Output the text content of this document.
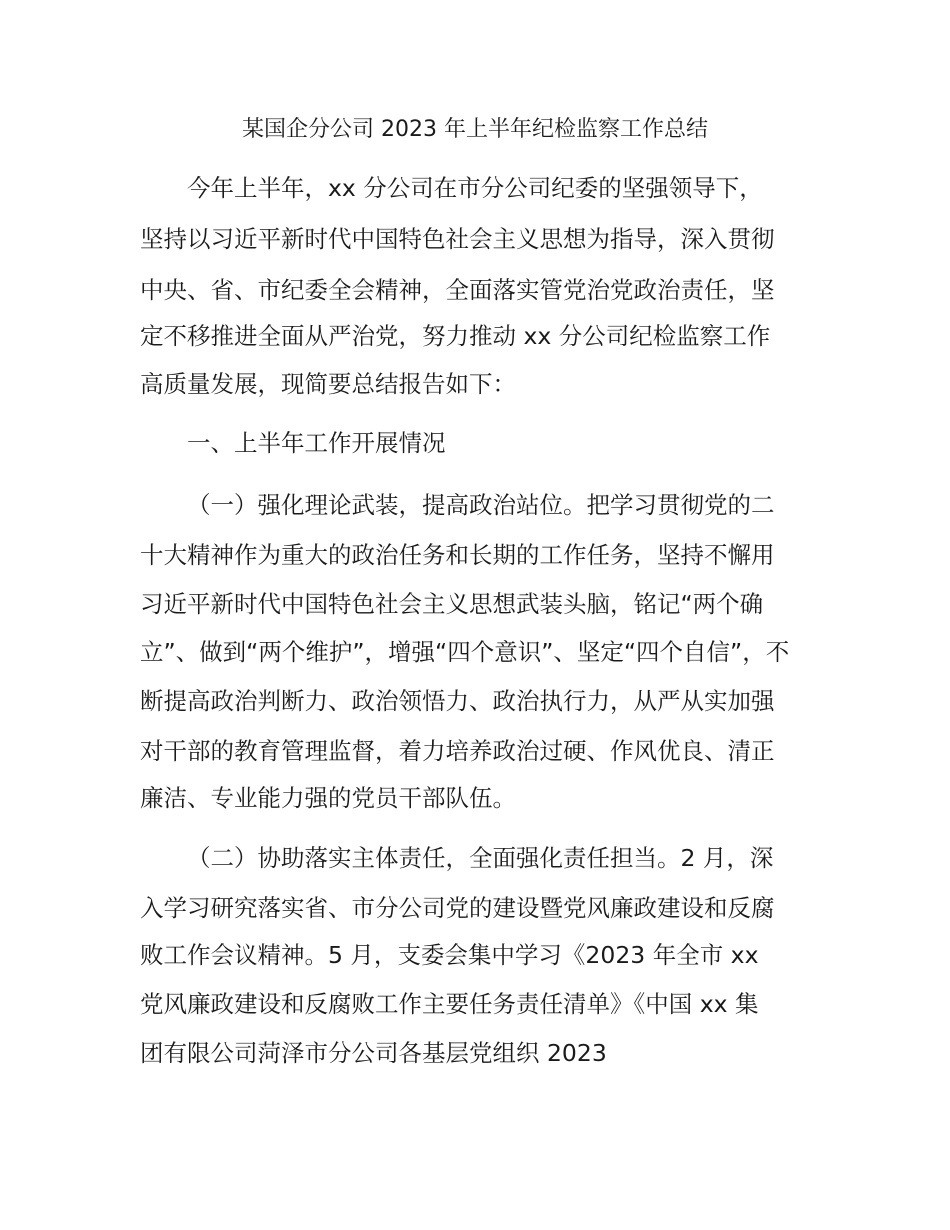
某国企分公司 2023 年上半年纪检监察工作总结
今年上半年，xx 分公司在市分公司纪委的坚强领导下，
坚持以习近平新时代中国特色社会主义思想为指导，深入贯彻
中央、省、市纪委全会精神，全面落实管党治党政治责任，坚
定不移推进全面从严治党，努力推动 xx 分公司纪检监察工作
高质量发展，现简要总结报告如下：
一、上半年工作开展情况
（一）强化理论武装，提高政治站位。把学习贯彻党的二
十大精神作为重大的政治任务和长期的工作任务，坚持不懈用
习近平新时代中国特色社会主义思想武装头脑，铭记“两个确
立”、做到“两个维护”，增强“四个意识”、坚定“四个自信”，不
断提高政治判断力、政治领悟力、政治执行力，从严从实加强
对干部的教育管理监督，着力培养政治过硬、作风优良、清正
廉洁、专业能力强的党员干部队伍。
（二）协助落实主体责任，全面强化责任担当。2 月，深
入学习研究落实省、市分公司党的建设暨党风廉政建设和反腐
败工作会议精神。5 月，支委会集中学习《2023 年全市 xx
党风廉政建设和反腐败工作主要任务责任清单》《中国 xx 集
团有限公司菏泽市分公司各基层党组织 2023
